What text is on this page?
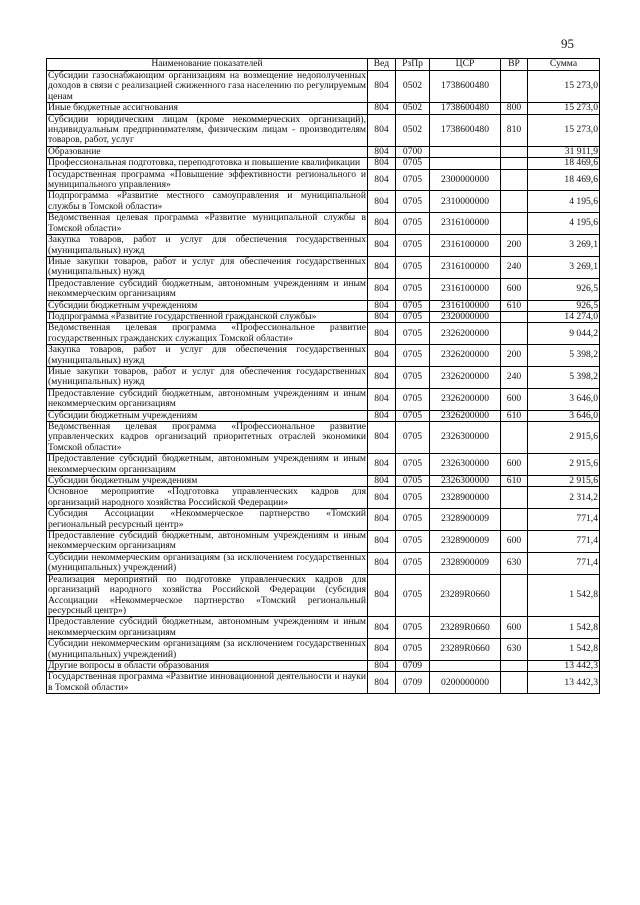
95
Наименование показателей	Вед	РзПр	ЦСР	ВР	Сумма
Субсидии газоснабжающим организациям на возмещение недополученных доходов в связи с реализацией сжиженного газа населению по регулируемым ценам	804	0502	1738600480		15 273,0
Иные бюджетные ассигнования	804	0502	1738600480	800	15 273,0
Субсидии юридическим лицам (кроме некоммерческих организаций), индивидуальным предпринимателям, физическим лицам - производителям товаров, работ, услуг	804	0502	1738600480	810	15 273,0
Образование	804	0700			31 911,9
Профессиональная подготовка, переподготовка и повышение квалификации	804	0705			18 469,6
Государственная программа «Повышение эффективности регионального и муниципального управления»	804	0705	2300000000		18 469,6
Подпрограмма «Развитие местного самоуправления и муниципальной службы в Томской области»	804	0705	2310000000		4 195,6
Ведомственная целевая программа «Развитие муниципальной службы в Томской области»	804	0705	2316100000		4 195,6
Закупка товаров, работ и услуг для обеспечения государственных (муниципальных) нужд	804	0705	2316100000	200	3 269,1
Иные закупки товаров, работ и услуг для обеспечения государственных (муниципальных) нужд	804	0705	2316100000	240	3 269,1
Предоставление субсидий бюджетным, автономным учреждениям и иным некоммерческим организациям	804	0705	2316100000	600	926,5
Субсидии бюджетным учреждениям	804	0705	2316100000	610	926,5
Подпрограмма «Развитие государственной гражданской службы»	804	0705	2320000000		14 274,0
Ведомственная целевая программа «Профессиональное развитие государственных гражданских служащих Томской области»	804	0705	2326200000		9 044,2
Закупка товаров, работ и услуг для обеспечения государственных (муниципальных) нужд	804	0705	2326200000	200	5 398,2
Иные закупки товаров, работ и услуг для обеспечения государственных (муниципальных) нужд	804	0705	2326200000	240	5 398,2
Предоставление субсидий бюджетным, автономным учреждениям и иным некоммерческим организациям	804	0705	2326200000	600	3 646,0
Субсидии бюджетным учреждениям	804	0705	2326200000	610	3 646,0
Ведомственная целевая программа «Профессиональное развитие управленческих кадров организаций приоритетных отраслей экономики Томской области»	804	0705	2326300000		2 915,6
Предоставление субсидий бюджетным, автономным учреждениям и иным некоммерческим организациям	804	0705	2326300000	600	2 915,6
Субсидии бюджетным учреждениям	804	0705	2326300000	610	2 915,6
Основное мероприятие «Подготовка управленческих кадров для организаций народного хозяйства Российской Федерации»	804	0705	2328900000		2 314,2
Субсидия Ассоциации «Некоммерческое партнерство «Томский региональный ресурсный центр»	804	0705	2328900009		771,4
Предоставление субсидий бюджетным, автономным учреждениям и иным некоммерческим организациям	804	0705	2328900009	600	771,4
Субсидии некоммерческим организациям (за исключением государственных (муниципальных) учреждений)	804	0705	2328900009	630	771,4
Реализация мероприятий по подготовке управленческих кадров для организаций народного хозяйства Российской Федерации (субсидия Ассоциации «Некоммерческое партнерство «Томский региональный ресурсный центр»)	804	0705	23289R0660		1 542,8
Предоставление субсидий бюджетным, автономным учреждениям и иным некоммерческим организациям	804	0705	23289R0660	600	1 542,8
Субсидии некоммерческим организациям (за исключением государственных (муниципальных) учреждений)	804	0705	23289R0660	630	1 542,8
Другие вопросы в области образования	804	0709			13 442,3
Государственная программа «Развитие инновационной деятельности и науки в Томской области»	804	0709	0200000000		13 442,3
